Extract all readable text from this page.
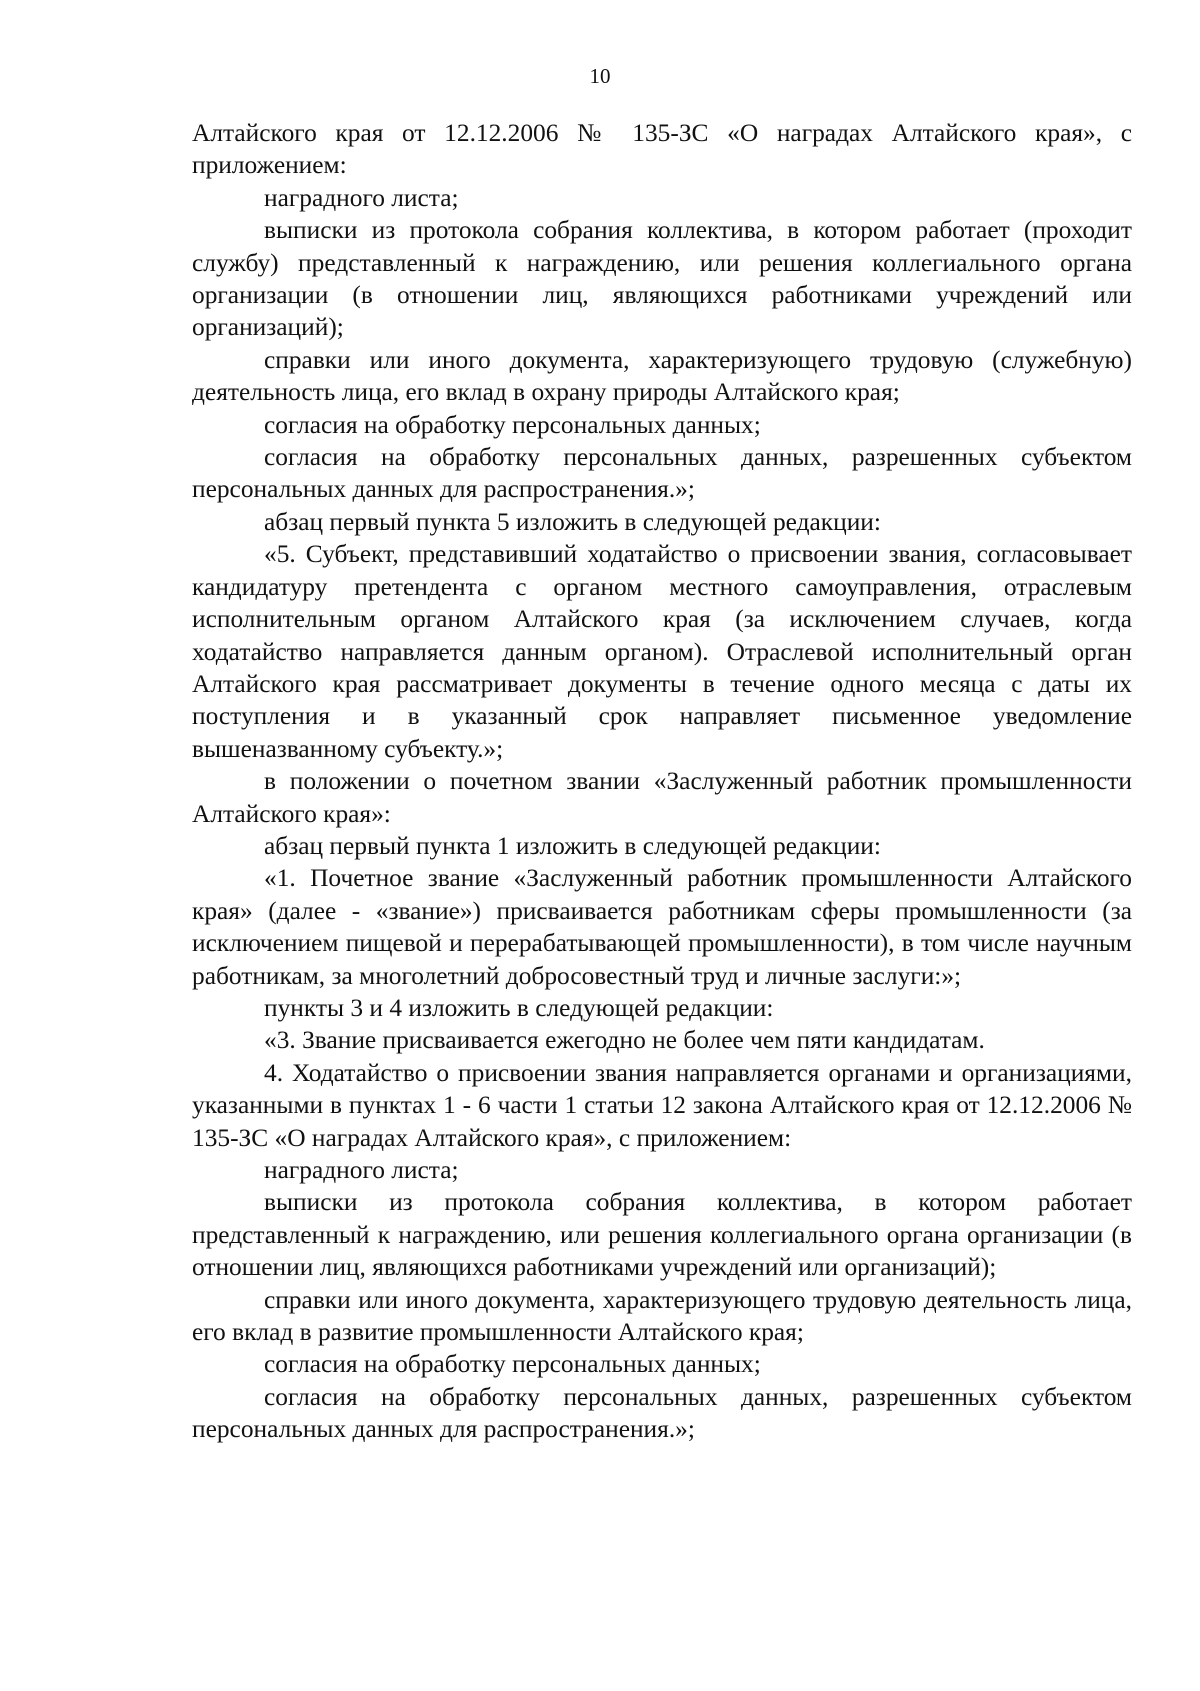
10

Алтайского края от 12.12.2006 № 135-ЗС «О наградах Алтайского края», с приложением:

наградного листа;

выписки из протокола собрания коллектива, в котором работает (проходит службу) представленный к награждению, или решения коллегиального органа организации (в отношении лиц, являющихся работниками учреждений или организаций);

справки или иного документа, характеризующего трудовую (служебную) деятельность лица, его вклад в охрану природы Алтайского края;

согласия на обработку персональных данных;

согласия на обработку персональных данных, разрешенных субъектом персональных данных для распространения.»;

абзац первый пункта 5 изложить в следующей редакции:

«5. Субъект, представивший ходатайство о присвоении звания, согласовывает кандидатуру претендента с органом местного самоуправления, отраслевым исполнительным органом Алтайского края (за исключением случаев, когда ходатайство направляется данным органом). Отраслевой исполнительный орган Алтайского края рассматривает документы в течение одного месяца с даты их поступления и в указанный срок направляет письменное уведомление вышеназванному субъекту.»;

в положении о почетном звании «Заслуженный работник промышленности Алтайского края»:

абзац первый пункта 1 изложить в следующей редакции:

«1. Почетное звание «Заслуженный работник промышленности Алтайского края» (далее - «звание») присваивается работникам сферы промышленности (за исключением пищевой и перерабатывающей промышленности), в том числе научным работникам, за многолетний добросовестный труд и личные заслуги:»;

пункты 3 и 4 изложить в следующей редакции:

«3. Звание присваивается ежегодно не более чем пяти кандидатам.

4. Ходатайство о присвоении звания направляется органами и организациями, указанными в пунктах 1 - 6 части 1 статьи 12 закона Алтайского края от 12.12.2006 № 135-ЗС «О наградах Алтайского края», с приложением:

наградного листа;

выписки из протокола собрания коллектива, в котором работает представленный к награждению, или решения коллегиального органа организации (в отношении лиц, являющихся работниками учреждений или организаций);

справки или иного документа, характеризующего трудовую деятельность лица, его вклад в развитие промышленности Алтайского края;

согласия на обработку персональных данных;

согласия на обработку персональных данных, разрешенных субъектом персональных данных для распространения.»;
